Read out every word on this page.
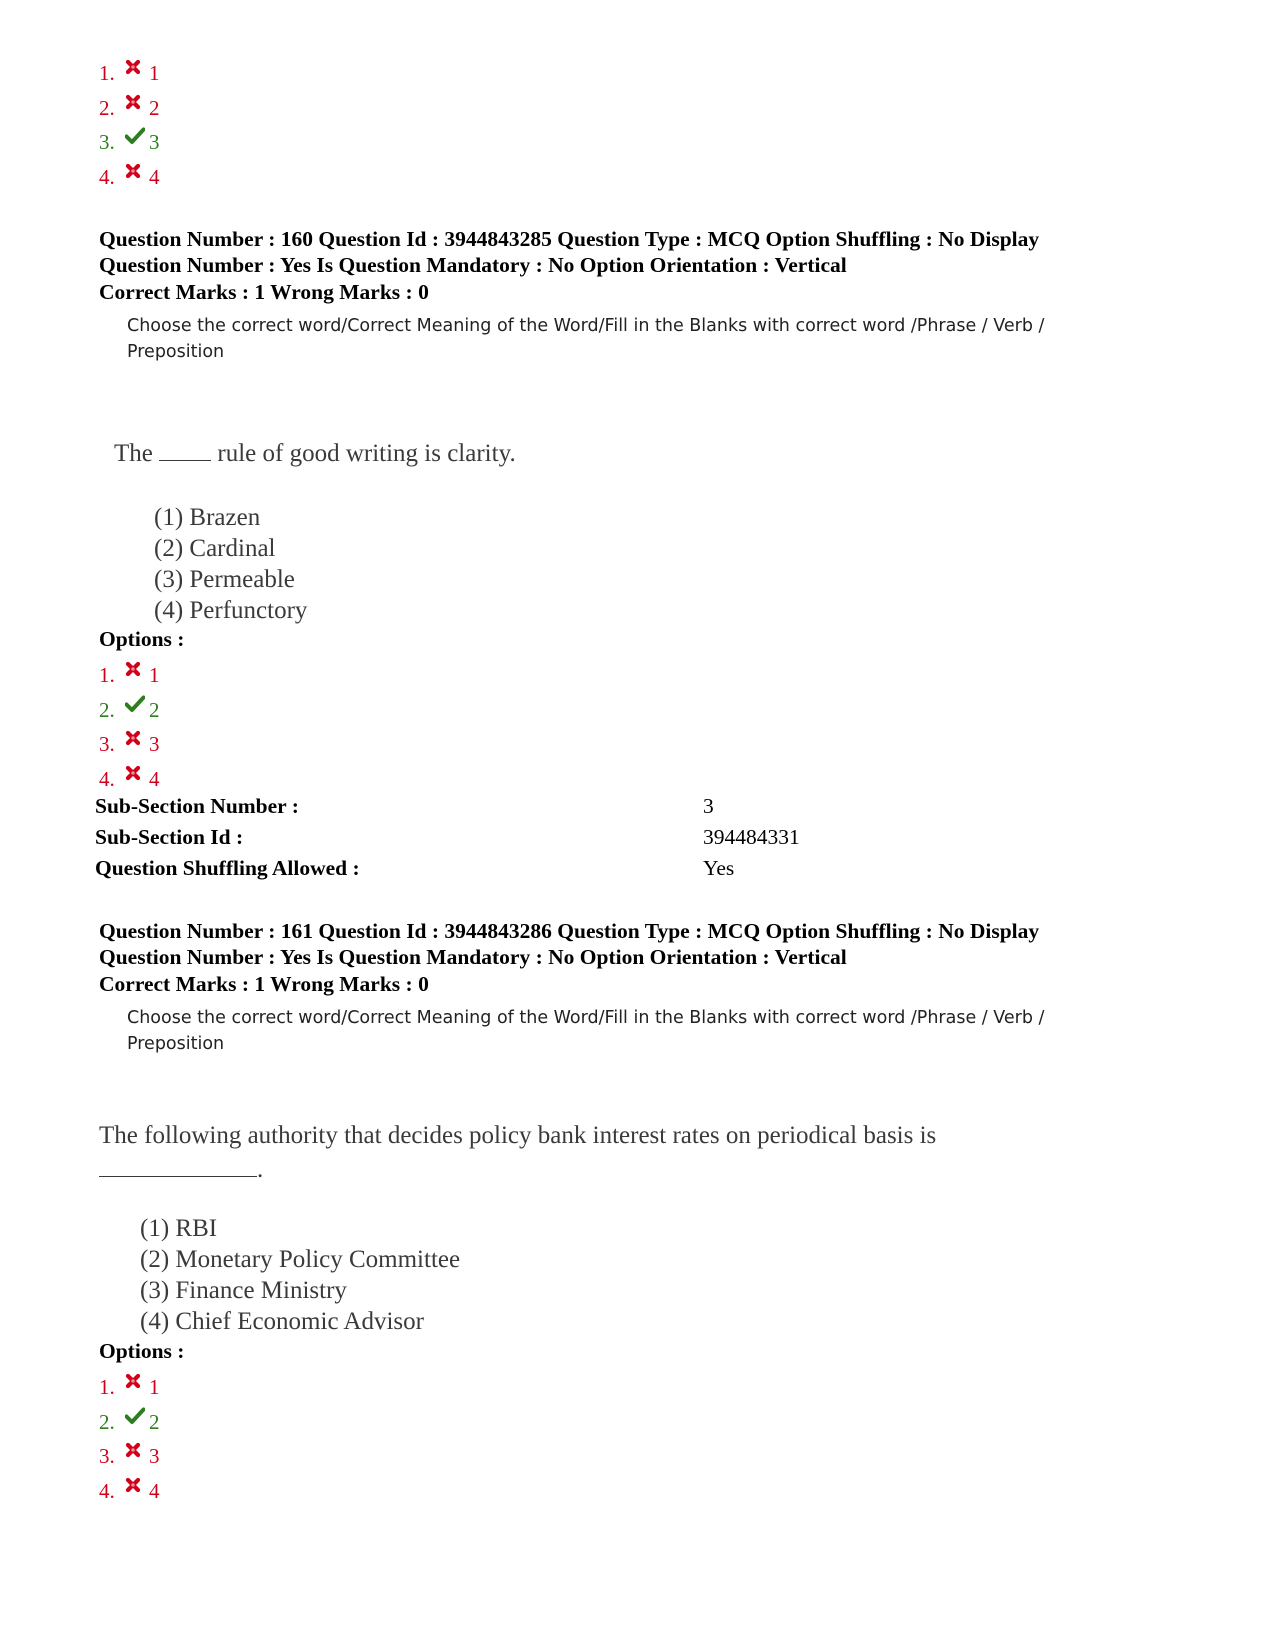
1.	1
2.	2
3.	3
4.	4
Question Number : 160 Question Id : 3944843285 Question Type : MCQ Option Shuffling : No Display
Question Number : Yes Is Question Mandatory : No Option Orientation : Vertical
Correct Marks : 1 Wrong Marks : 0
Choose the correct word/Correct Meaning of the Word/Fill in the Blanks with correct word /Phrase / Verb /
Preposition
The	rule of good writing is clarity.
(1) Brazen
(2) Cardinal
(3) Permeable
(4) Perfunctory
Options :
1.	1
2.	2
3.	3
4.	4
Sub-Section Number :	3
Sub-Section Id :	394484331
Question Shuffling Allowed :	Yes
Question Number : 161 Question Id : 3944843286 Question Type : MCQ Option Shuffling : No Display
Question Number : Yes Is Question Mandatory : No Option Orientation : Vertical
Correct Marks : 1 Wrong Marks : 0
Choose the correct word/Correct Meaning of the Word/Fill in the Blanks with correct word /Phrase / Verb /
Preposition
The following authority that decides policy bank interest rates on periodical basis is
.
(1) RBI
(2) Monetary Policy Committee
(3) Finance Ministry
(4) Chief Economic Advisor
Options :
1.	1
2.	2
3.	3
4.	4
